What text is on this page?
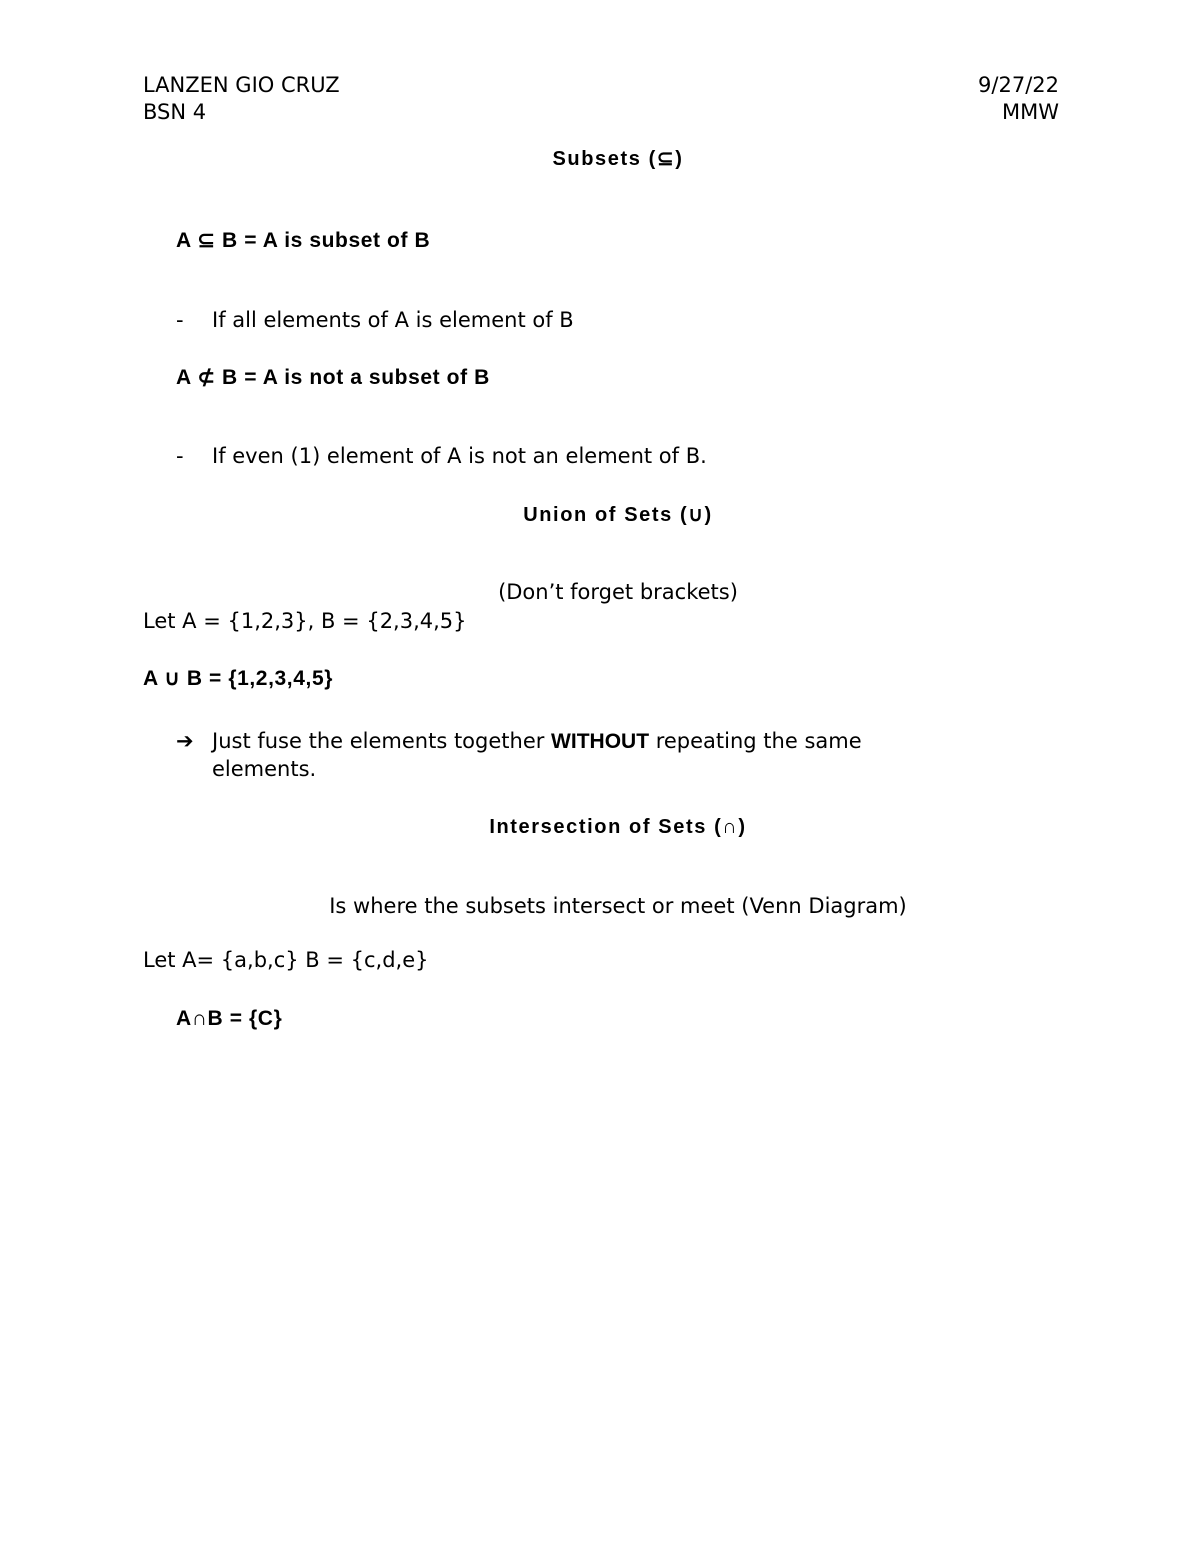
LANZEN GIO CRUZ
BSN 4
9/27/22
MMW
Subsets (⊆)
A ⊆ B = A is subset of B
- If all elements of A is element of B
A ⊄ B = A is not a subset of B
- If even (1) element of A is not an element of B.
Union of Sets (∪)
(Don’t forget brackets)
Let A = {1,2,3}, B = {2,3,4,5}
A ∪ B = {1,2,3,4,5}
➔ Just fuse the elements together WITHOUT repeating the same
elements.
Intersection of Sets (∩)
Is where the subsets intersect or meet (Venn Diagram)
Let A= {a,b,c} B = {c,d,e}
A∩B = {C}
